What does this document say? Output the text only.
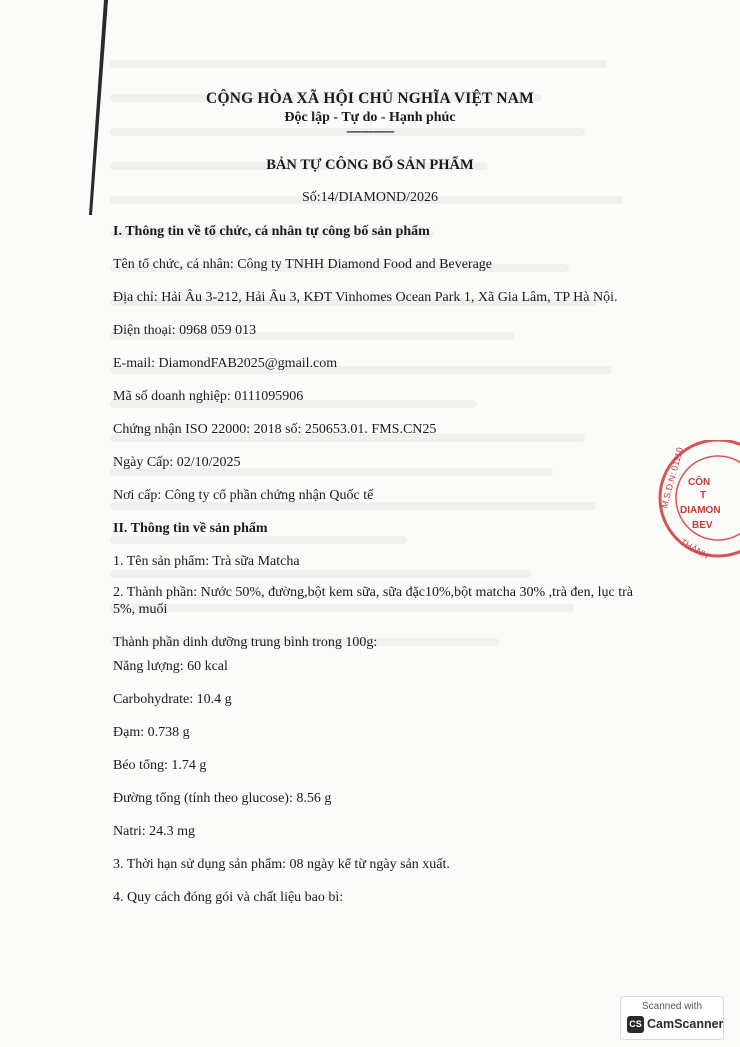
CỘNG HÒA XÃ HỘI CHỦ NGHĨA VIỆT NAM
Độc lập - Tự do - Hạnh phúc
-------------
BẢN TỰ CÔNG BỐ SẢN PHẨM
Số:14/DIAMOND/2026
I. Thông tin về tổ chức, cá nhân tự công bố sản phẩm
Tên tổ chức, cá nhân: Công ty TNHH Diamond Food and Beverage
Địa chỉ: Hải Âu 3-212, Hải Âu 3, KĐT Vinhomes Ocean Park 1, Xã Gia Lâm, TP Hà Nội.
Điện thoại: 0968 059 013
E-mail: DiamondFAB2025@gmail.com
Mã số doanh nghiệp: 0111095906
Chứng nhận ISO 22000: 2018 số: 250653.01. FMS.CN25
Ngày Cấp: 02/10/2025
Nơi cấp: Công ty cổ phần chứng nhận Quốc tế
II. Thông tin về sản phẩm
1. Tên sản phẩm: Trà sữa Matcha
2. Thành phần: Nước 50%, đường,bột kem sữa, sữa đặc10%,bột matcha 30% ,trà đen, lục trà 5%, muối
Thành phần dinh dưỡng trung bình trong 100g:
Năng lượng: 60 kcal
Carbohydrate: 10.4 g
Đạm: 0.738 g
Béo tổng: 1.74 g
Đường tổng (tính theo glucose): 8.56 g
Natri: 24.3 mg
3. Thời hạn sử dụng sản phẩm: 08 ngày kể từ ngày sản xuất.
4. Quy cách đóng gói và chất liệu bao bì:
M.S.D.N: 01110 CÔN
T
DIAMON
BEV
THÀNH
Scanned with
CS CamScanner
